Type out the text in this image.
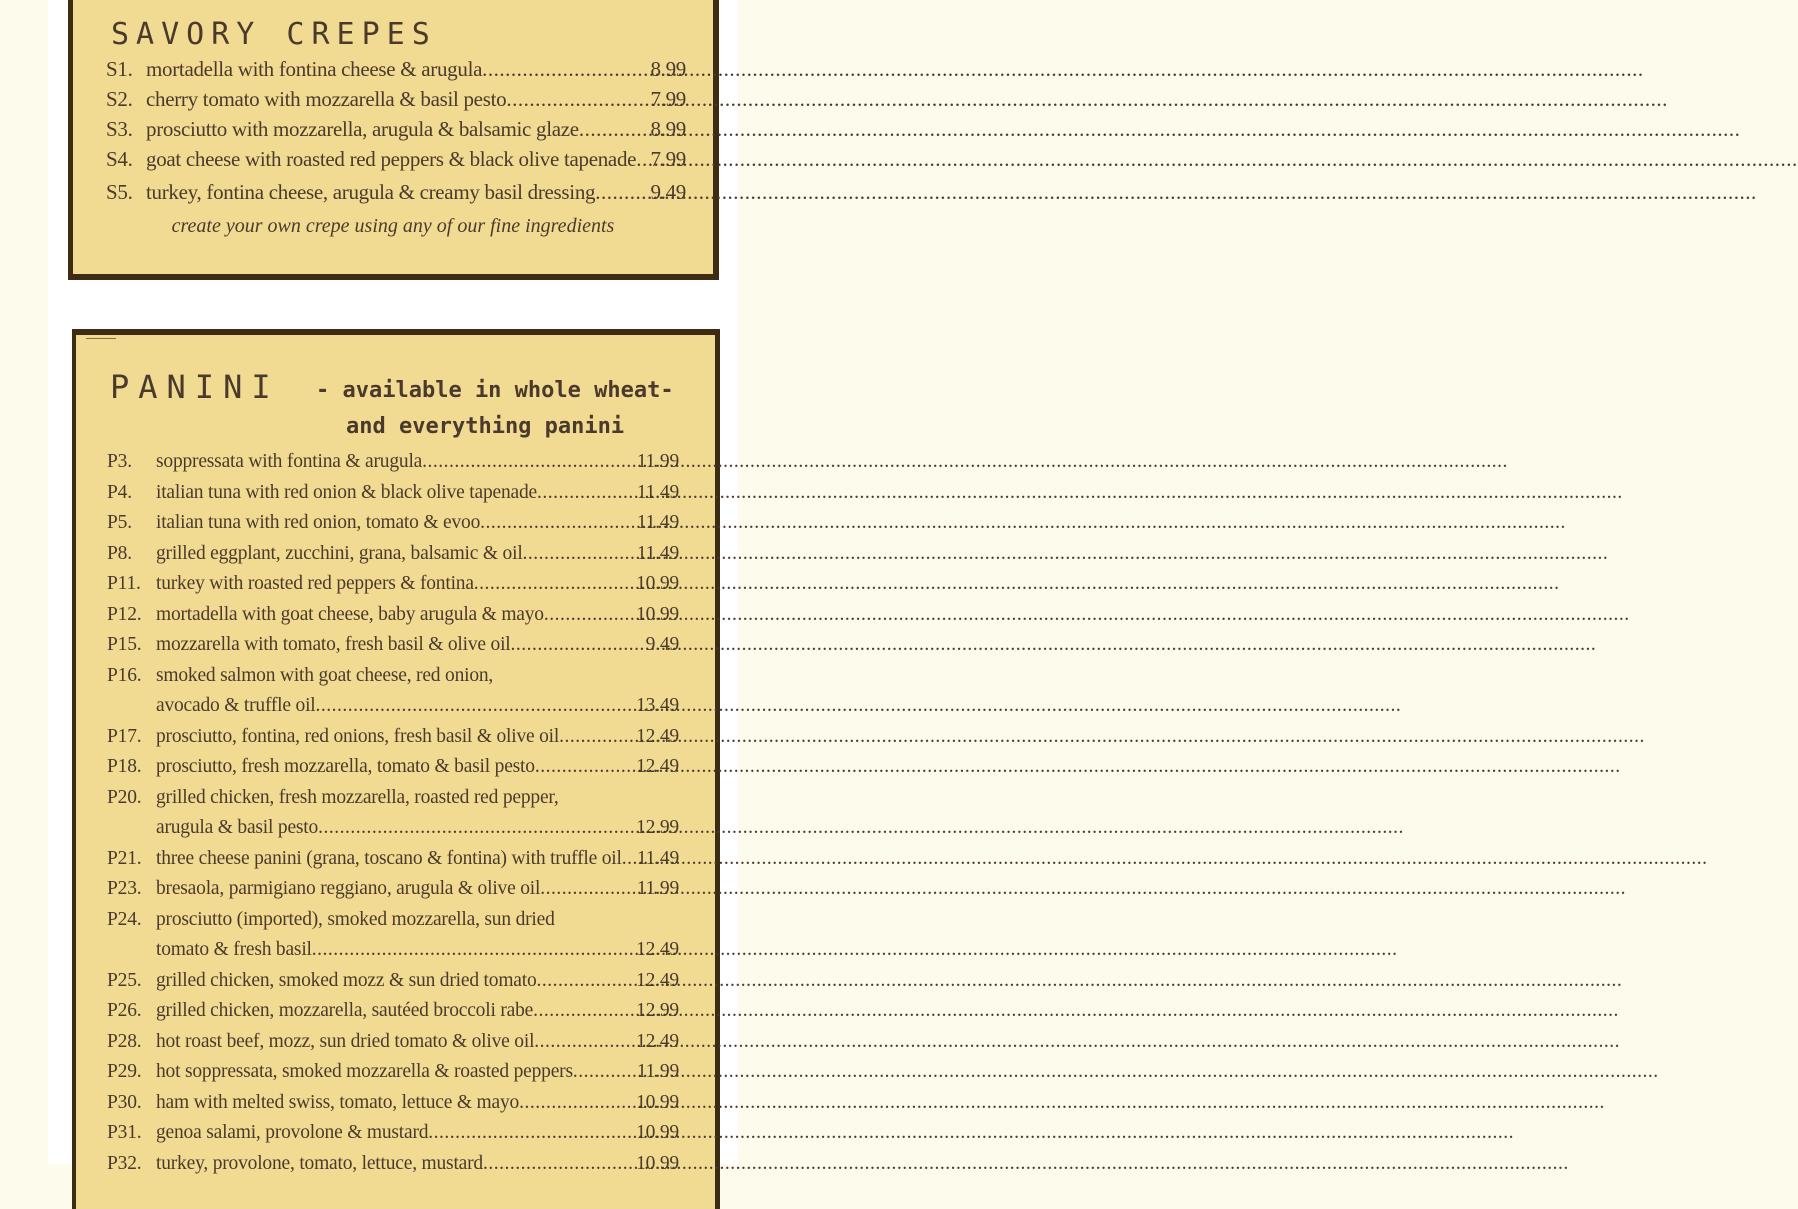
SAVORY CREPES
S1. mortadella with fontina cheese & arugula .....	8.99
S2. cherry tomato with mozzarella & basil pesto .....	7.99
S3. prosciutto with mozzarella, arugula & balsamic glaze .....	8.99
S4. goat cheese with roasted red peppers & black olive tapenade ..... 7.99
S5. turkey, fontina cheese, arugula & creamy basil dressing .....	9.49

create your own crepe using any of our fine ingredients

PANINI - available in whole wheat-
and everything panini

P3.	soppressata with fontina & arugula .....	11.99
P4.	italian tuna with red onion & black olive tapenade .....	11.49
P5.	italian tuna with red onion, tomato & evoo .....	11.49
P8.	grilled eggplant, zucchini, grana, balsamic & oil .....	11.49
P11. turkey with roasted red peppers & fontina .....	10.99
P12. mortadella with goat cheese, baby arugula & mayo .....	10.99
P15. mozzarella with tomato, fresh basil & olive oil .....	9.49
P16. smoked salmon with goat cheese, red onion,
avocado & truffle oil .....	13.49
P17. prosciutto, fontina, red onions, fresh basil & olive oil .....	12.49
P18. prosciutto, fresh mozzarella, tomato & basil pesto .....	12.49
P20. grilled chicken, fresh mozzarella, roasted red pepper,
arugula & basil pesto .....	12.99
P21. three cheese panini (grana, toscano & fontina) with truffle oil ..... 11.49
P23. bresaola, parmigiano reggiano, arugula & olive oil .....	11.99
P24. prosciutto (imported), smoked mozzarella, sun dried
tomato & fresh basil .....	12.49
P25. grilled chicken, smoked mozz & sun dried tomato .....	12.49
P26. grilled chicken, mozzarella, sautéed broccoli rabe .....	12.99
P28. hot roast beef, mozz, sun dried tomato & olive oil .....	12.49
P29. hot soppressata, smoked mozzarella & roasted peppers .....	11.99
P30. ham with melted swiss, tomato, lettuce & mayo .....	10.99
P31. genoa salami, provolone & mustard .....	10.99
P32. turkey, provolone, tomato, lettuce, mustard .....	10.99
